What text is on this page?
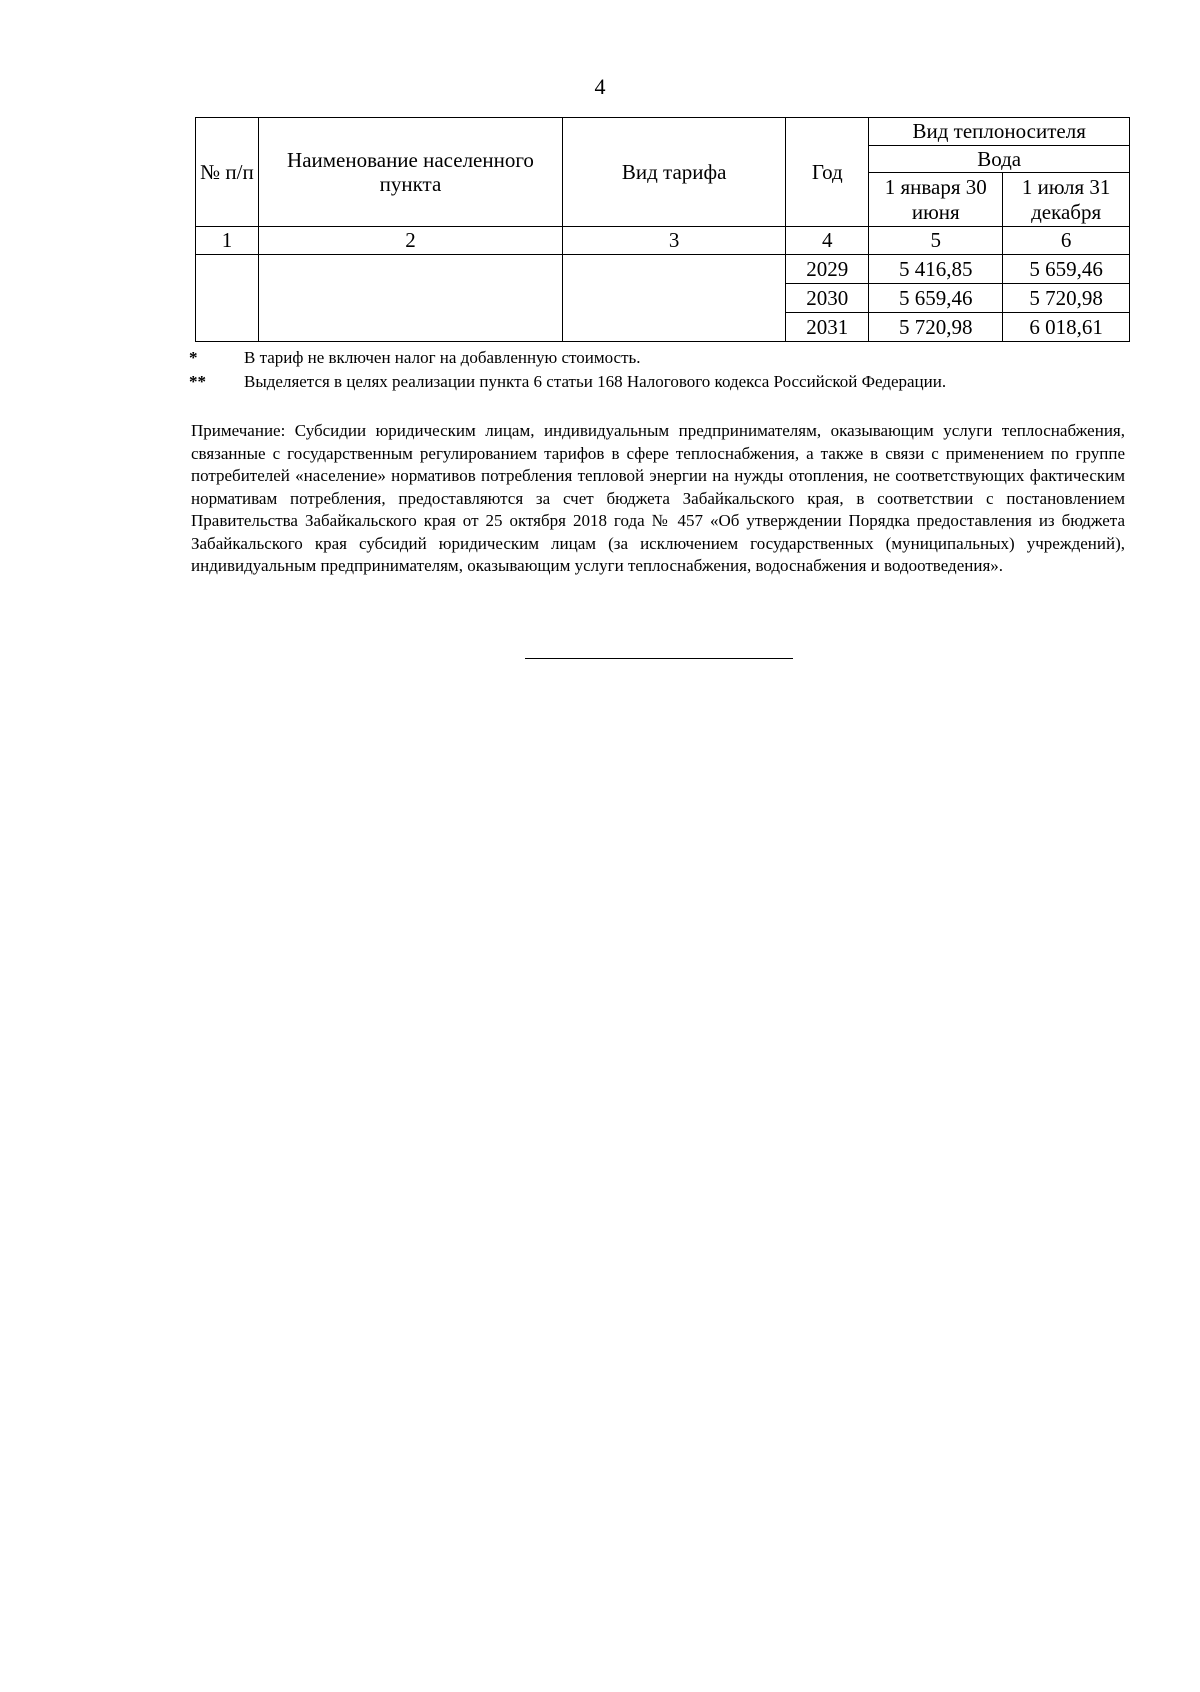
4
№ п/п	Наименование населенного пункта	Вид тарифа	Год	Вид теплоносителя	
				Вода	
				1 января 30 июня	1 июля 31 декабря
1	2	3	4	5	6
			2029	5 416,85	5 659,46
			2030	5 659,46	5 720,98
			2031	5 720,98	6 018,61
*	В тариф не включен налог на добавленную стоимость.
**	Выделяется в целях реализации пункта 6 статьи 168 Налогового кодекса Российской Федерации.
Примечание: Субсидии юридическим лицам, индивидуальным предпринимателям, оказывающим услуги теплоснабжения, связанные с государственным регулированием тарифов в сфере теплоснабжения, а также в связи с применением по группе потребителей «население» нормативов потребления тепловой энергии на нужды отопления, не соответствующих фактическим нормативам потребления, предоставляются за счет бюджета Забайкальского края, в соответствии с постановлением Правительства Забайкальского края от 25 октября 2018 года № 457 «Об утверждении Порядка предоставления из бюджета Забайкальского края субсидий юридическим лицам (за исключением государственных (муниципальных) учреждений), индивидуальным предпринимателям, оказывающим услуги теплоснабжения, водоснабжения и водоотведения».
